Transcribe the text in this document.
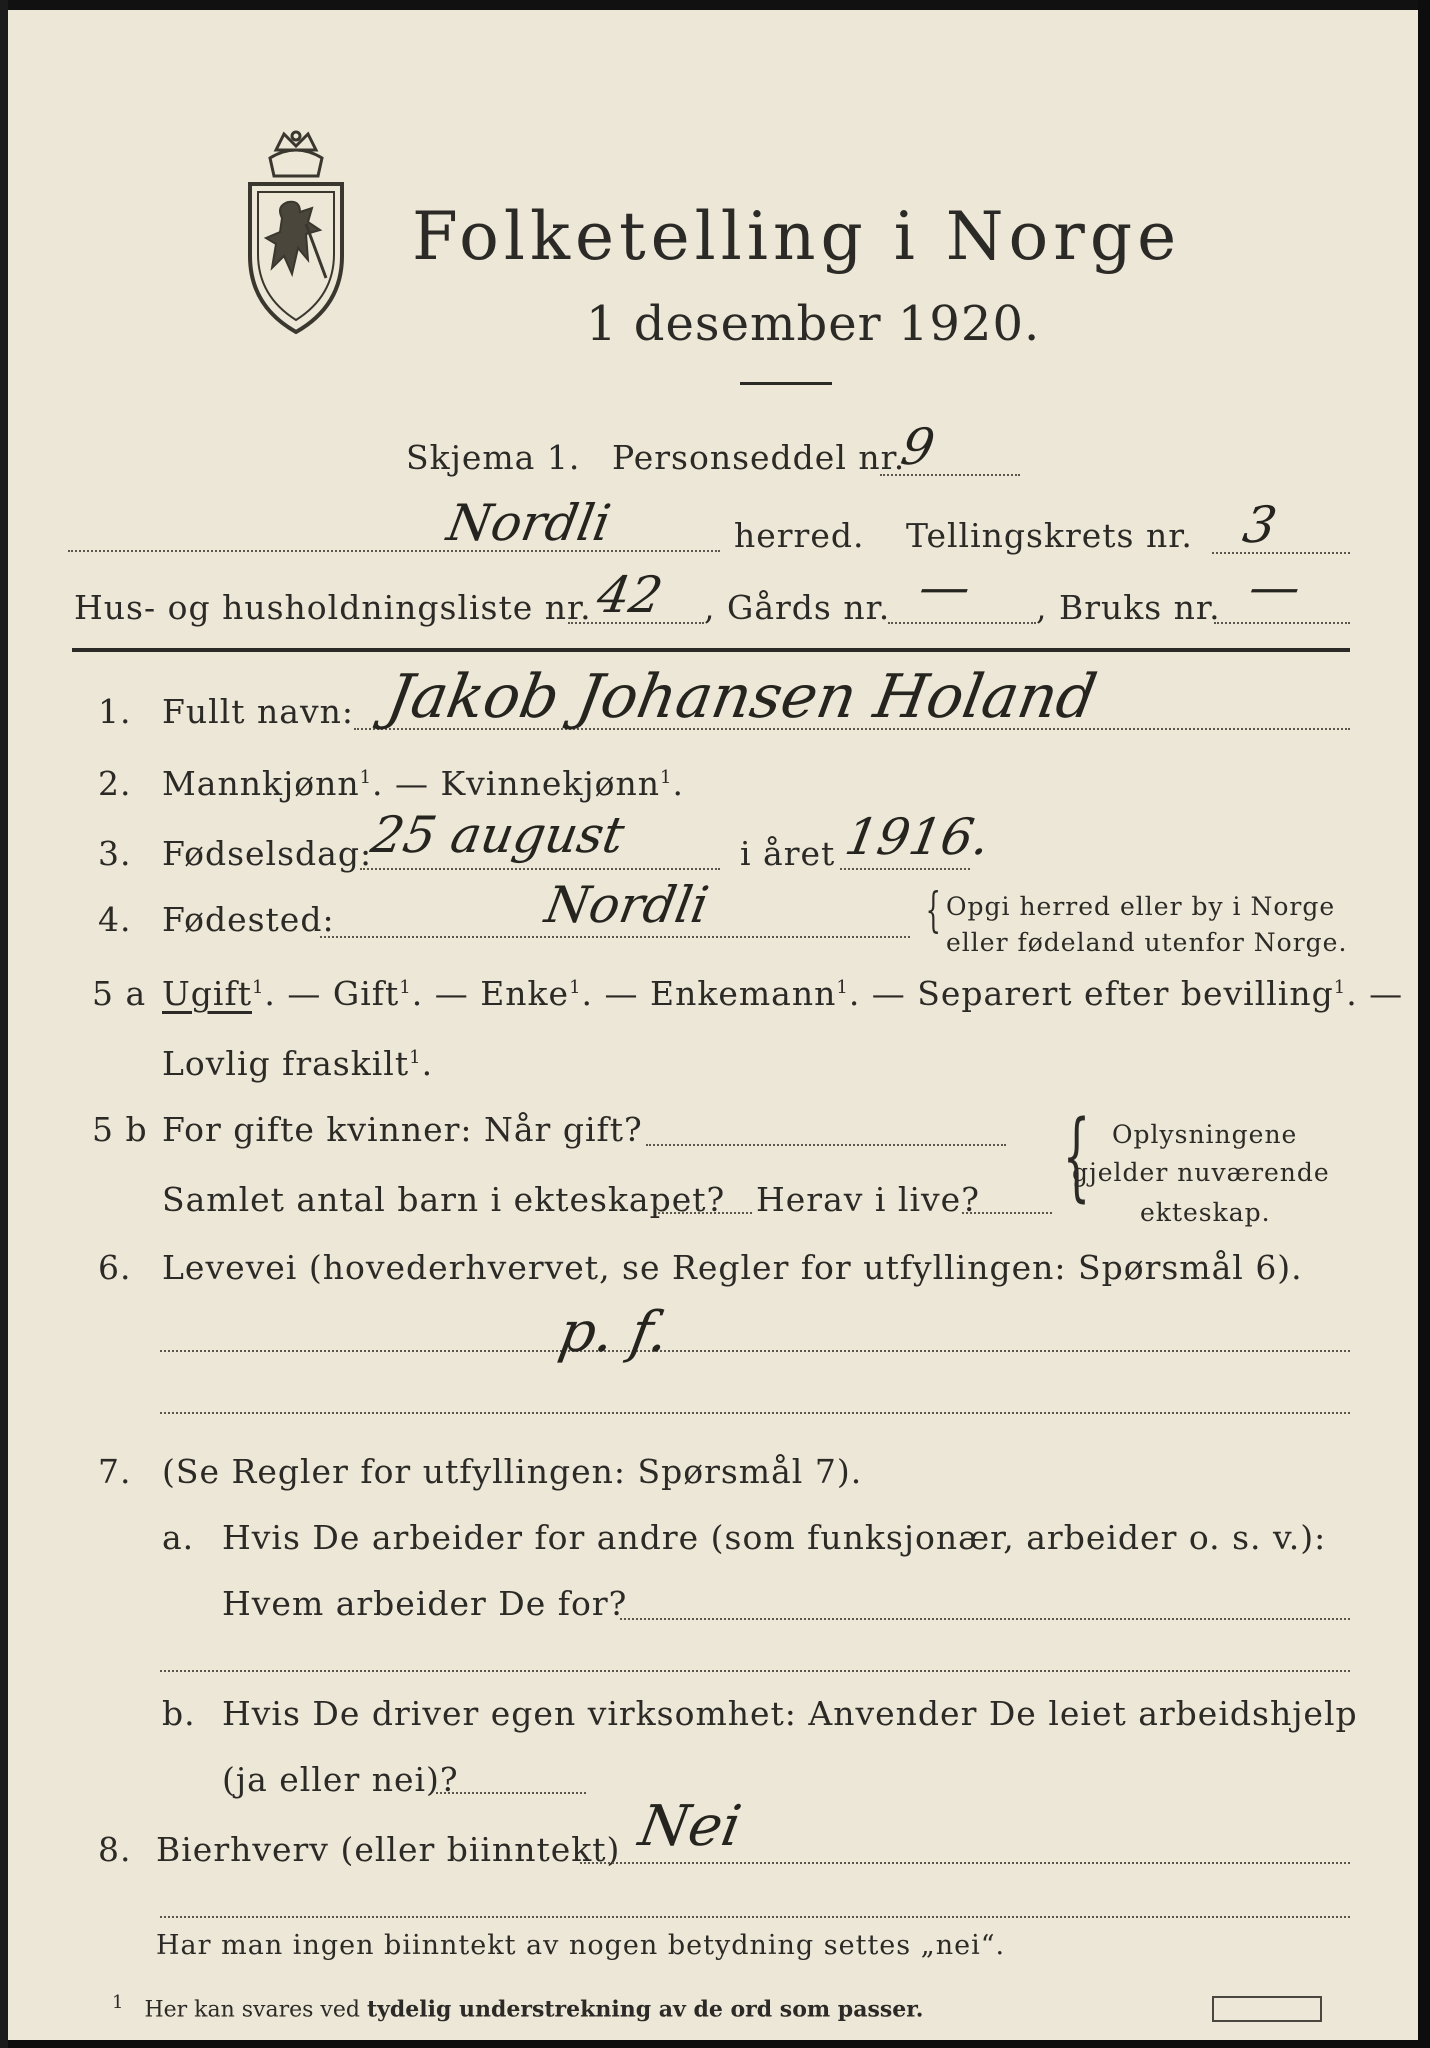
Folketelling i Norge
1 desember 1920.
Skjema 1. Personseddel nr.
9
Nordli	herred. Tellingskrets nr. 3
Hus- og husholdningsliste nr. 42 , Gårds nr. — , Bruks nr. —
1. Fullt navn: Jakob Johansen Holand
2. Mannkjønn$^1$. — Kvinnekjønn$^1$.
3. Fødselsdag:
25 august	i året 1916.
4. Fødested:	Nordli	{ Opgi herred eller by i Norge
eller fødeland utenfor Norge.
5 a Ugift$^1$. — Gift$^1$. — Enke$^1$. — Enkemann$^1$. — Separert efter bevilling$^1$. —
Lovlig fraskilt$^1$.
5 b For gifte kvinner: Når gift?
Samlet antal barn i ekteskapet? Herav i live? { Oplysningene
gjelder nuværende
ekteskap.
6. Levevei (hovederhvervet, se Regler for utfyllingen: Spørsmål 6).
p. f.
7. (Se Regler for utfyllingen: Spørsmål 7).
a. Hvis De arbeider for andre (som funksjonær, arbeider o. s. v.):
Hvem arbeider De for?
b. Hvis De driver egen virksomhet: Anvender De leiet arbeidshjelp
(ja eller nei)?
8. Bierhverv (eller biinntekt) Nei
Har man ingen biinntekt av nogen betydning settes „nei“.
$^1$ Her kan svares ved tydelig understrekning av de ord som passer.
